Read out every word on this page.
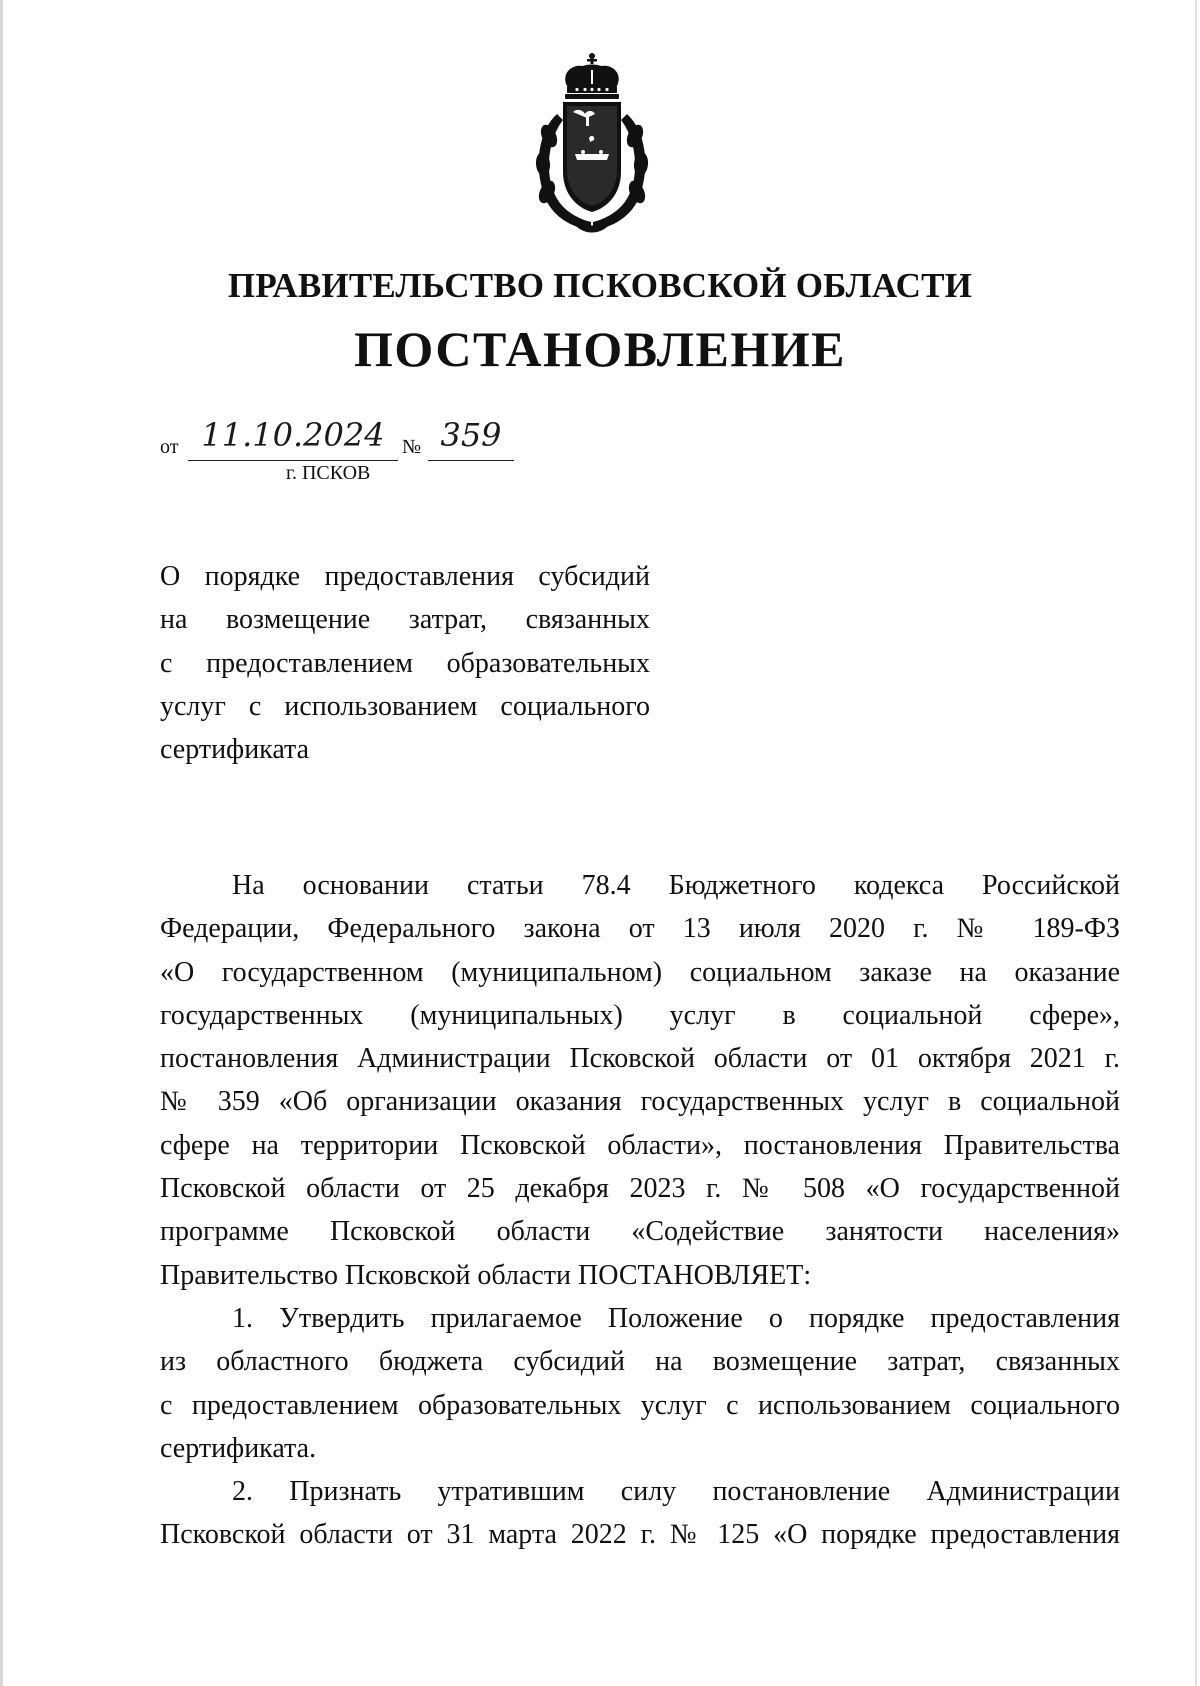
ПРАВИТЕЛЬСТВО ПСКОВСКОЙ ОБЛАСТИ
ПОСТАНОВЛЕНИЕ
от 11.10.2024 № 359
г. ПСКОВ
О порядке предоставления субсидий
на возмещение затрат, связанных
с предоставлением образовательных
услуг с использованием социального
сертификата
На основании статьи 78.4 Бюджетного кодекса Российской
Федерации, Федерального закона от 13 июля 2020 г. № 189-ФЗ
«О государственном (муниципальном) социальном заказе на оказание
государственных (муниципальных) услуг в социальной сфере»,
постановления Администрации Псковской области от 01 октября 2021 г.
№ 359 «Об организации оказания государственных услуг в социальной
сфере на территории Псковской области», постановления Правительства
Псковской области от 25 декабря 2023 г. № 508 «О государственной
программе Псковской области «Содействие занятости населения»
Правительство Псковской области ПОСТАНОВЛЯЕТ:
1. Утвердить прилагаемое Положение о порядке предоставления
из областного бюджета субсидий на возмещение затрат, связанных
с предоставлением образовательных услуг с использованием социального
сертификата.
2. Признать утратившим силу постановление Администрации
Псковской области от 31 марта 2022 г. № 125 «О порядке предоставления
